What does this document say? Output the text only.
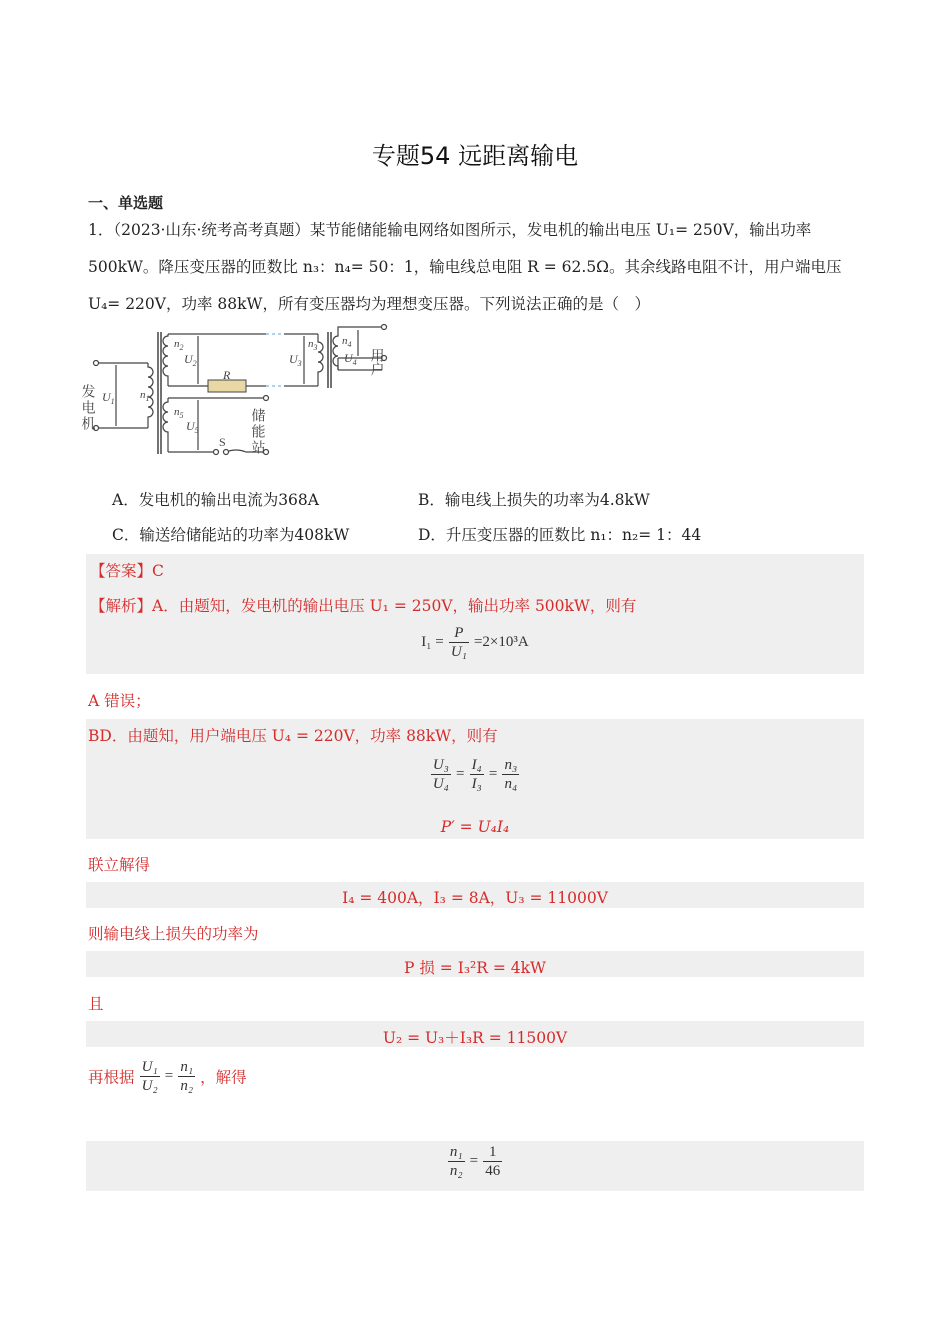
专题54 远距离输电
一、单选题
1．（2023·山东·统考高考真题）某节能储能输电网络如图所示，发电机的输出电压 U₁= 250V，输出功率
500kW。降压变压器的匝数比 n₃：n₄= 50：1，输电线总电阻 R = 62.5Ω。其余线路电阻不计，用户端电压
U₄= 220V，功率 88kW，所有变压器均为理想变压器。下列说法正确的是（　）
发电机
用户
储能站
R
S
$n_1$
$n_2$	$n_3$
$n_4$
$n_5$
$U_1$
$U_2$	$U_3$	$U_4$
$U_5$
A．发电机的输出电流为368A	B．输电线上损失的功率为4.8kW
C．输送给储能站的功率为408kW	D．升压变压器的匝数比 n₁：n₂= 1：44
【答案】C
【解析】A．由题知，发电机的输出电压 U₁ = 250V，输出功率 500kW，则有
$I_1 = \frac{P}{\text{U₁}} =2\times 10^3A$
A 错误；
BD．由题知，用户端电压 U₄ = 220V，功率 88kW，则有
$\frac{\text{U₃}}{\text{U₄}} = \frac{\text{I₄}}{\text{I₃}} = \frac{\text{n₃}}{\text{n₄}}$
P′ = U₄I₄
联立解得
I₄ = 400A，I₃ = 8A，U₃ = 11000V
则输电线上损失的功率为
P 损 = I₃²R = 4kW
且
U₂ = U₃＋I₃R = 11500V
再根据 $\frac{\text{U₁}}{\text{U₂}} = \frac{\text{n₁}}{\text{n₂}}$ ，解得
$\frac{\text{n₁}}{\text{n₂}} = \frac{1}{46}$
